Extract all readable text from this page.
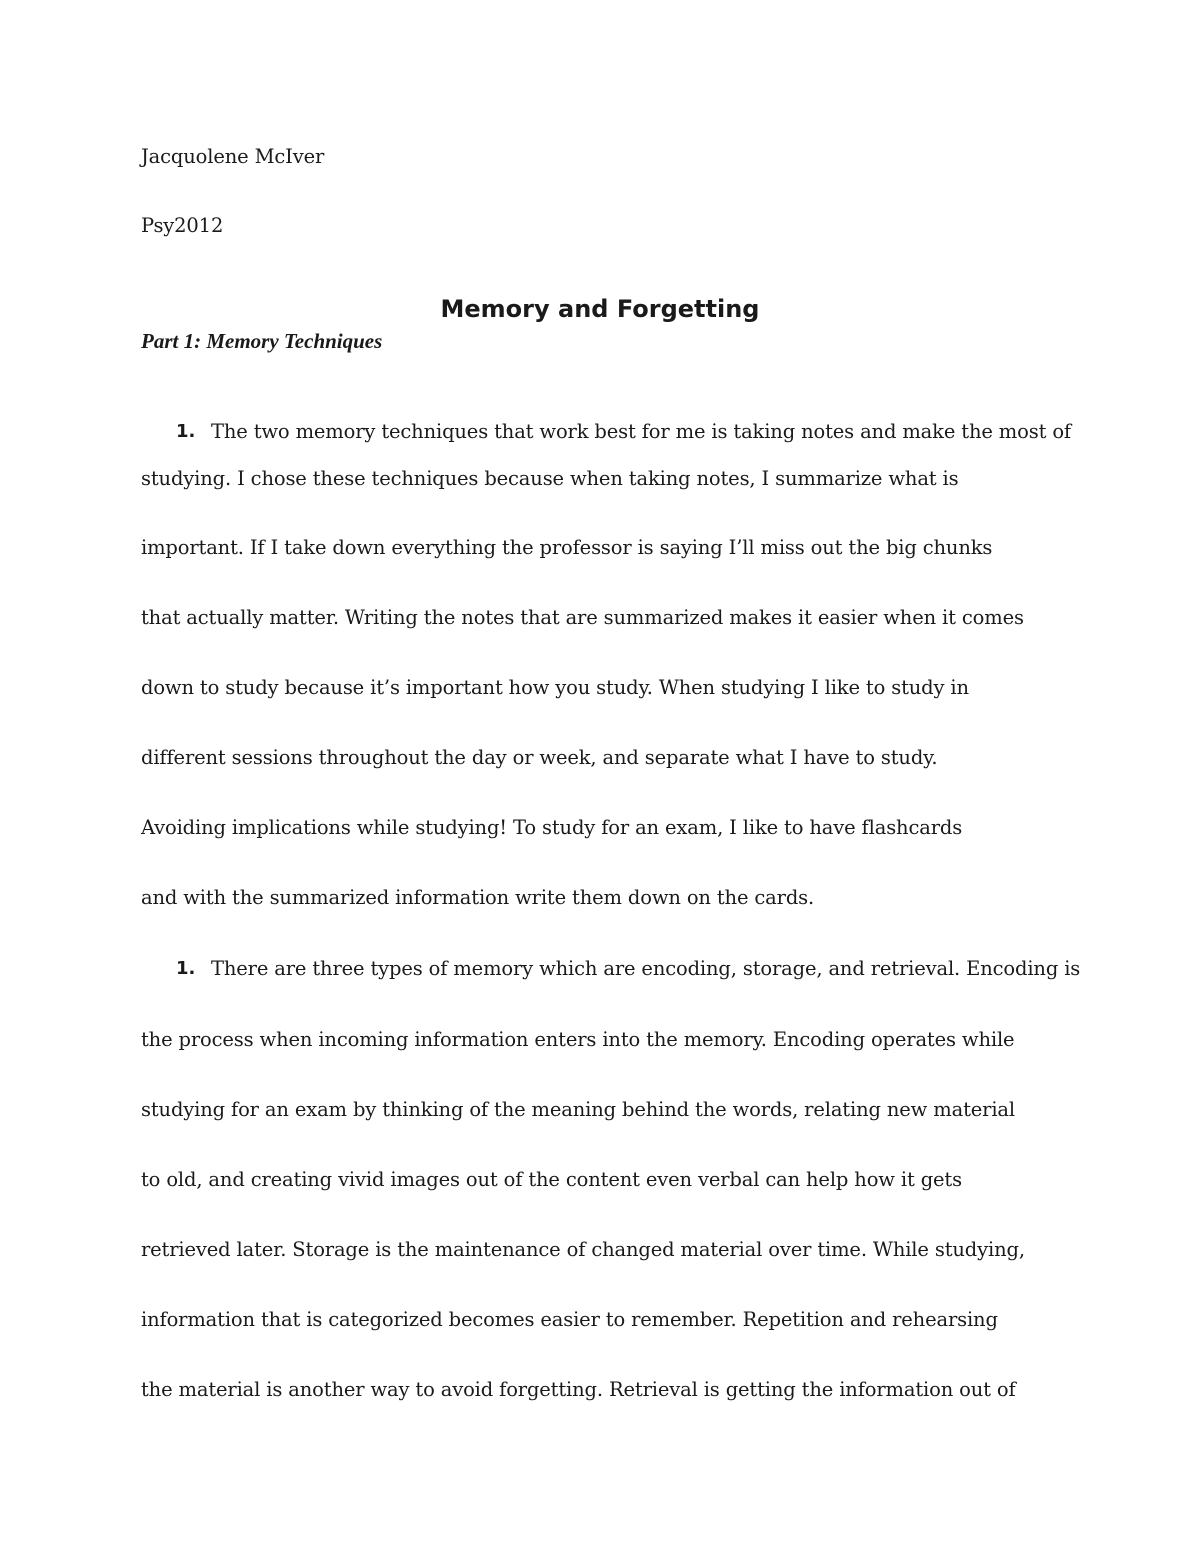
Jacquolene McIver
Psy2012
Memory and Forgetting
Part 1: Memory Techniques
1. The two memory techniques that work best for me is taking notes and make the most of
studying. I chose these techniques because when taking notes, I summarize what is
important. If I take down everything the professor is saying I’ll miss out the big chunks
that actually matter. Writing the notes that are summarized makes it easier when it comes
down to study because it’s important how you study. When studying I like to study in
different sessions throughout the day or week, and separate what I have to study.
Avoiding implications while studying! To study for an exam, I like to have flashcards
and with the summarized information write them down on the cards.
1. There are three types of memory which are encoding, storage, and retrieval. Encoding is
the process when incoming information enters into the memory. Encoding operates while
studying for an exam by thinking of the meaning behind the words, relating new material
to old, and creating vivid images out of the content even verbal can help how it gets
retrieved later. Storage is the maintenance of changed material over time. While studying,
information that is categorized becomes easier to remember. Repetition and rehearsing
the material is another way to avoid forgetting. Retrieval is getting the information out of
